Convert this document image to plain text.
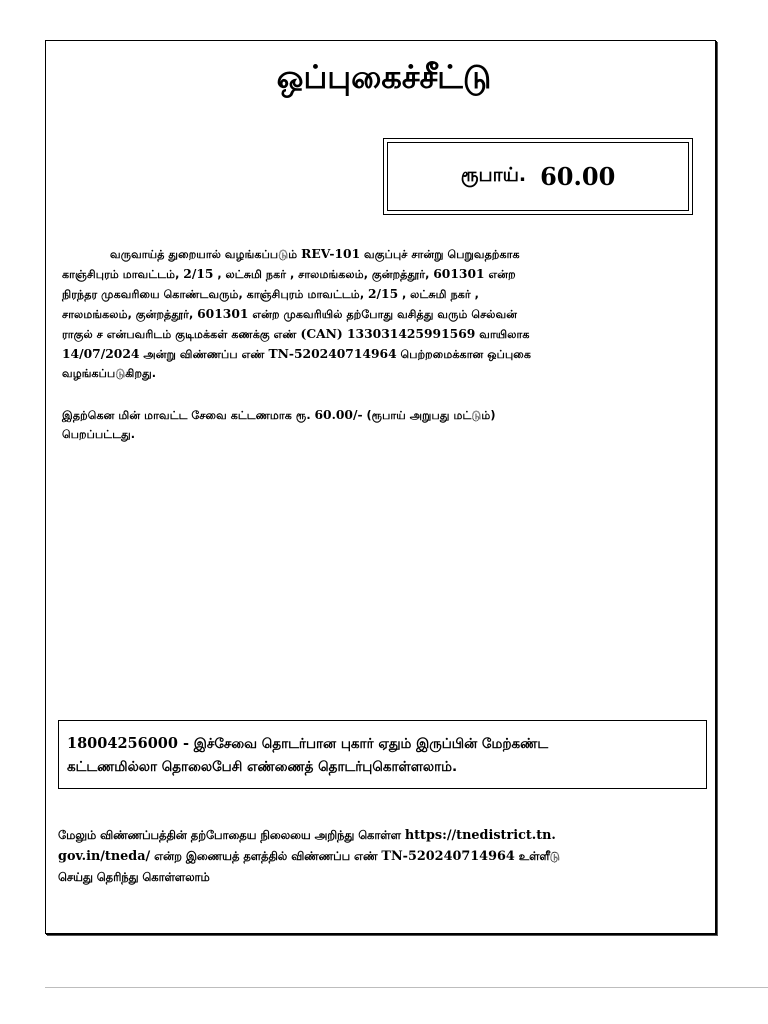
ஒப்புகைச்சீட்டு
ரூபாய். 60.00
வருவாய்த் துறையால் வழங்கப்படும் REV-101 வகுப்புச் சான்று பெறுவதற்காக
காஞ்சிபுரம் மாவட்டம், 2/15 , லட்சுமி நகர் , சாலமங்கலம், குன்றத்தூர், 601301 என்ற
நிரந்தர முகவரியை கொண்டவரும், காஞ்சிபுரம் மாவட்டம், 2/15 , லட்சுமி நகர் ,
சாலமங்கலம், குன்றத்தூர், 601301 என்ற முகவரியில் தற்போது வசித்து வரும் செல்வன்
ராகுல் ச என்பவரிடம் குடிமக்கள் கணக்கு எண் (CAN) 133031425991569 வாயிலாக
14/07/2024 அன்று விண்ணப்ப எண் TN-520240714964 பெற்றமைக்கான ஒப்புகை
வழங்கப்படுகிறது.
இதற்கென மின் மாவட்ட சேவை கட்டணமாக ரூ. 60.00/- (ரூபாய் அறுபது மட்டும்)
பெறப்பட்டது.
18004256000 - இச்சேவை தொடர்பான புகார் ஏதும் இருப்பின் மேற்கண்ட
கட்டணமில்லா தொலைபேசி எண்ணைத் தொடர்புகொள்ளலாம்.
மேலும் விண்ணப்பத்தின் தற்போதைய நிலையை அறிந்து கொள்ள https://tnedistrict.tn.
gov.in/tneda/ என்ற இணையத் தளத்தில் விண்ணப்ப எண் TN-520240714964 உள்ளீடு
செய்து தெரிந்து கொள்ளலாம்
